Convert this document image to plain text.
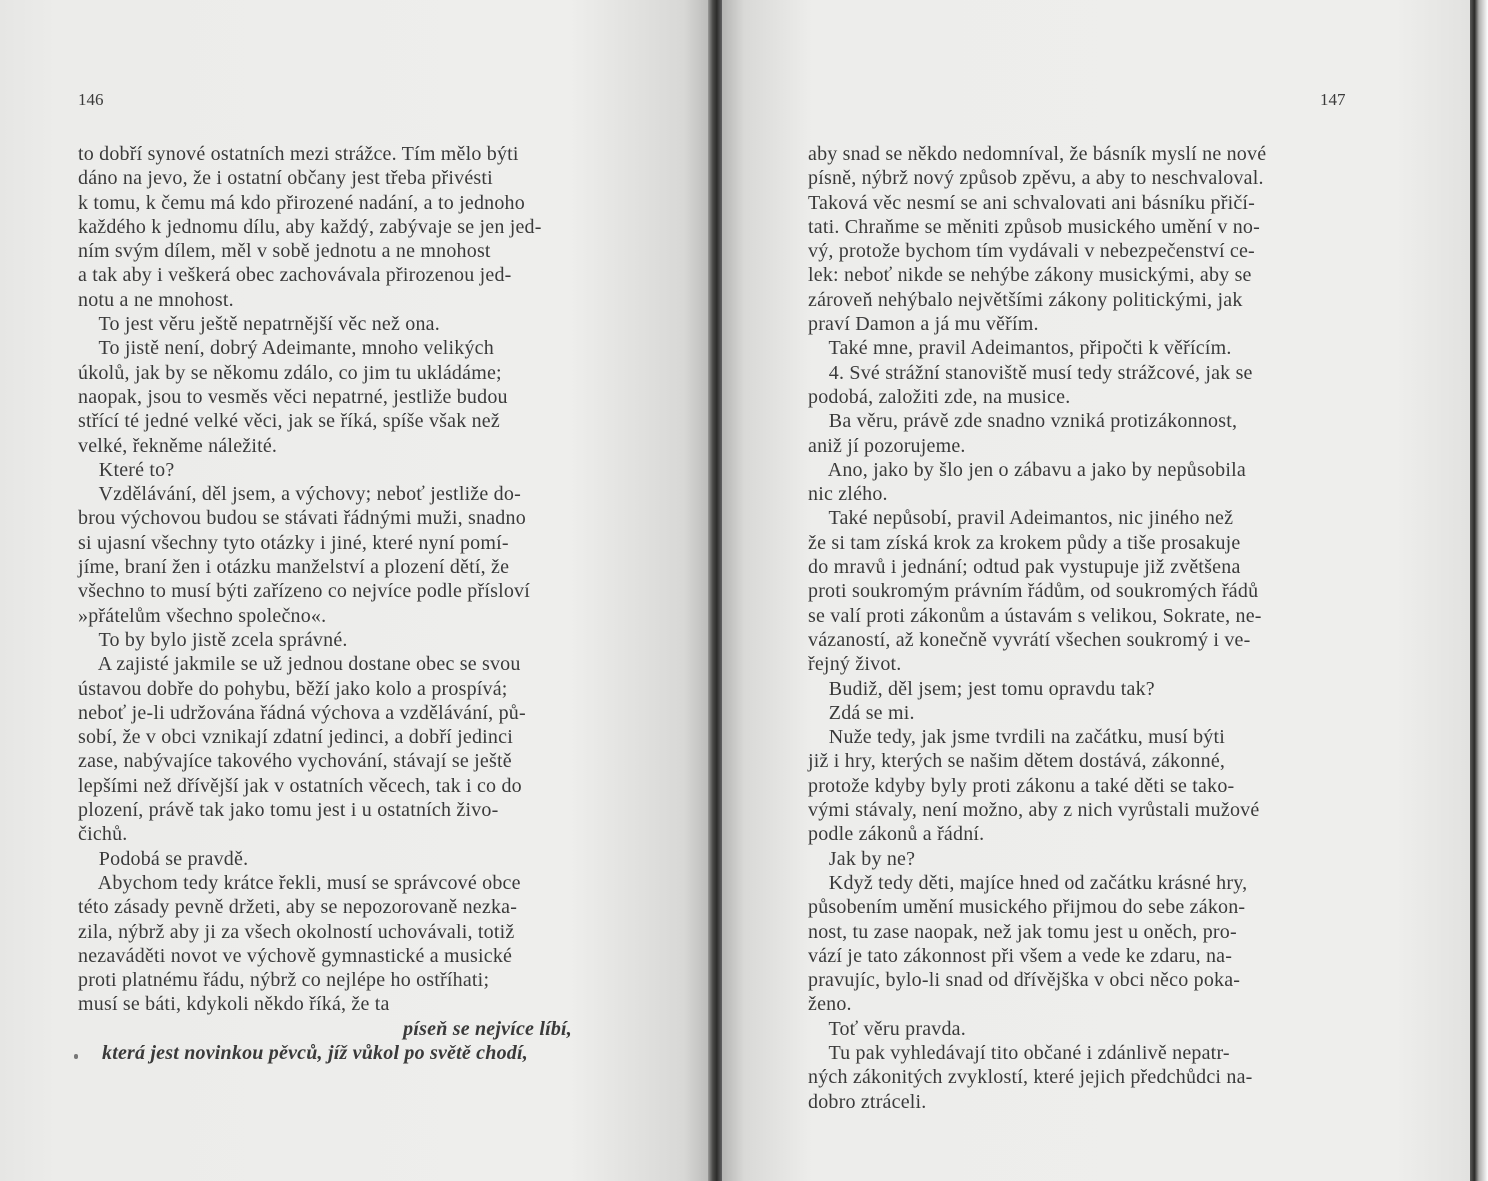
146
to dobří synové ostatních mezi strážce. Tím mělo býti
dáno na jevo, že i ostatní občany jest třeba přivésti
k tomu, k čemu má kdo přirozené nadání, a to jednoho
každého k jednomu dílu, aby každý, zabývaje se jen jed-
ním svým dílem, měl v sobě jednotu a ne mnohost
a tak aby i veškerá obec zachovávala přirozenou jed-
notu a ne mnohost.
To jest věru ještě nepatrnější věc než ona.
To jistě není, dobrý Adeimante, mnoho velikých
úkolů, jak by se někomu zdálo, co jim tu ukládáme;
naopak, jsou to vesměs věci nepatrné, jestliže budou
střící té jedné velké věci, jak se říká, spíše však než
velké, řekněme náležité.
Které to?
Vzdělávání, děl jsem, a výchovy; neboť jestliže do-
brou výchovou budou se stávati řádnými muži, snadno
si ujasní všechny tyto otázky i jiné, které nyní pomí-
jíme, braní žen i otázku manželství a plození dětí, že
všechno to musí býti zařízeno co nejvíce podle přísloví
»přátelům všechno společno«.
To by bylo jistě zcela správné.
A zajisté jakmile se už jednou dostane obec se svou
ústavou dobře do pohybu, běží jako kolo a prospívá;
neboť je-li udržována řádná výchova a vzdělávání, pů-
sobí, že v obci vznikají zdatní jedinci, a dobří jedinci
zase, nabývajíce takového vychování, stávají se ještě
lepšími než dřívější jak v ostatních věcech, tak i co do
plození, právě tak jako tomu jest i u ostatních živo-
čichů.
Podobá se pravdě.
Abychom tedy krátce řekli, musí se správcové obce
této zásady pevně držeti, aby se nepozorovaně nezka-
zila, nýbrž aby ji za všech okolností uchovávali, totiž
nezaváděti novot ve výchově gymnastické a musické
proti platnému řádu, nýbrž co nejlépe ho ostříhati;
musí se báti, kdykoli někdo říká, že ta
píseň se nejvíce líbí,
která jest novinkou pěvců, jíž vůkol po světě chodí,
147
aby snad se někdo nedomníval, že básník myslí ne nové
písně, nýbrž nový způsob zpěvu, a aby to neschvaloval.
Taková věc nesmí se ani schvalovati ani básníku přičí-
tati. Chraňme se měniti způsob musického umění v no-
vý, protože bychom tím vydávali v nebezpečenství ce-
lek: neboť nikde se nehýbe zákony musickými, aby se
zároveň nehýbalo největšími zákony politickými, jak
praví Damon a já mu věřím.
Také mne, pravil Adeimantos, připočti k věřícím.
4. Své strážní stanoviště musí tedy strážcové, jak se
podobá, založiti zde, na musice.
Ba věru, právě zde snadno vzniká protizákonnost,
aniž jí pozorujeme.
Ano, jako by šlo jen o zábavu a jako by nepůsobila
nic zlého.
Také nepůsobí, pravil Adeimantos, nic jiného než
že si tam získá krok za krokem půdy a tiše prosakuje
do mravů i jednání; odtud pak vystupuje již zvětšena
proti soukromým právním řádům, od soukromých řádů
se valí proti zákonům a ústavám s velikou, Sokrate, ne-
vázaností, až konečně vyvrátí všechen soukromý i ve-
řejný život.
Budiž, děl jsem; jest tomu opravdu tak?
Zdá se mi.
Nuže tedy, jak jsme tvrdili na začátku, musí býti
již i hry, kterých se našim dětem dostává, zákonné,
protože kdyby byly proti zákonu a také děti se tako-
vými stávaly, není možno, aby z nich vyrůstali mužové
podle zákonů a řádní.
Jak by ne?
Když tedy děti, majíce hned od začátku krásné hry,
působením umění musického přijmou do sebe zákon-
nost, tu zase naopak, než jak tomu jest u oněch, pro-
vází je tato zákonnost při všem a vede ke zdaru, na-
pravujíc, bylo-li snad od dřívějška v obci něco poka-
ženo.
Toť věru pravda.
Tu pak vyhledávají tito občané i zdánlivě nepatr-
ných zákonitých zvyklostí, které jejich předchůdci na-
dobro ztráceli.
